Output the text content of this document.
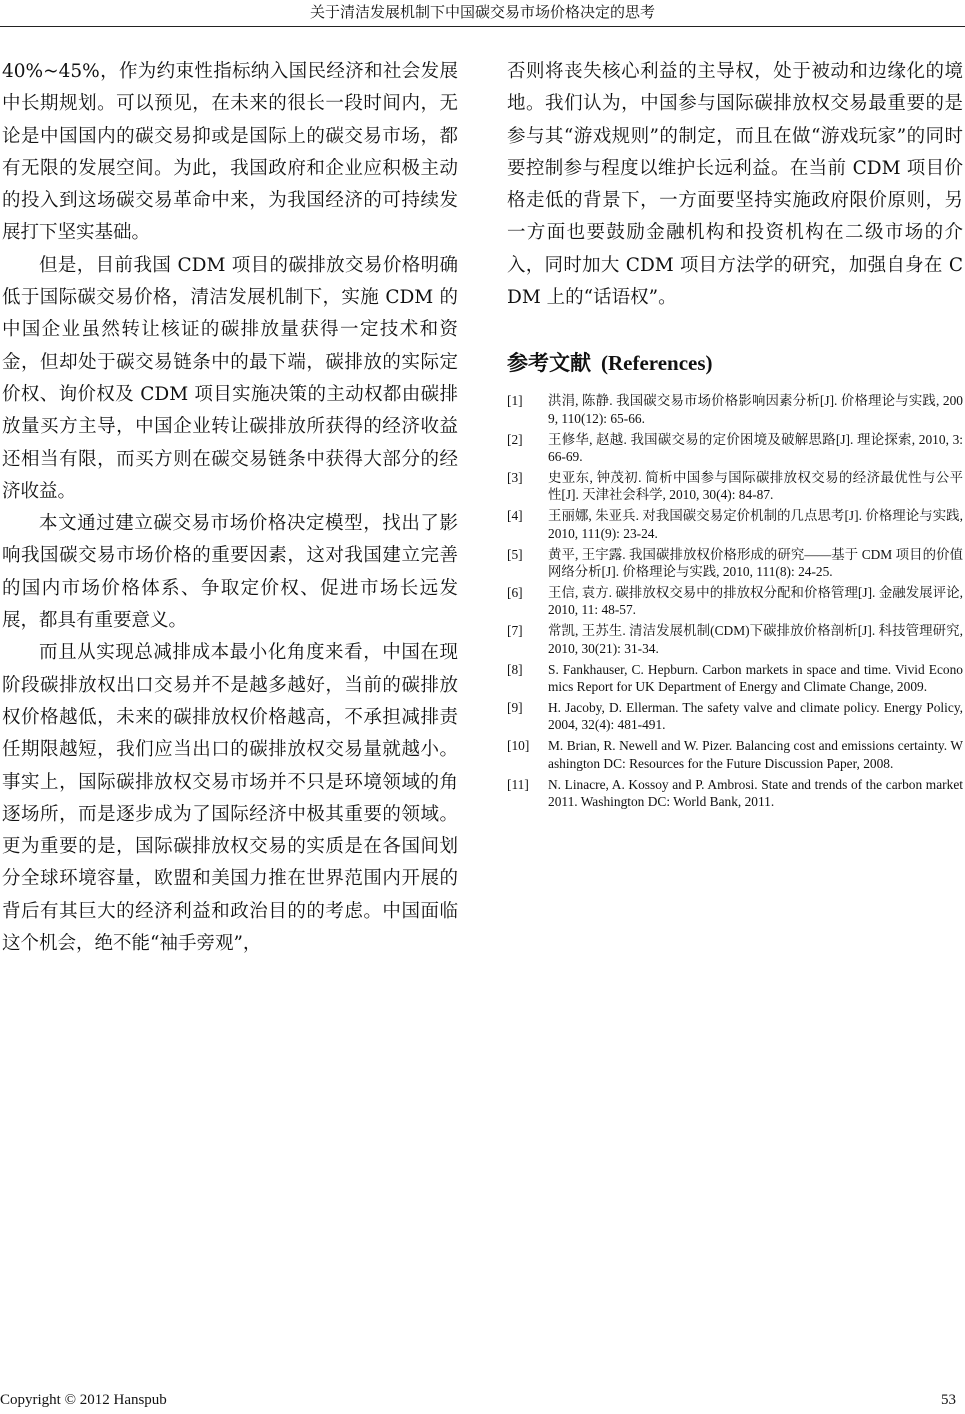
关于清洁发展机制下中国碳交易市场价格决定的思考

40%~45%，作为约束性指标纳入国民经济和社会发展中长期规划。可以预见，在未来的很长一段时间内，无论是中国国内的碳交易抑或是国际上的碳交易市场，都有无限的发展空间。为此，我国政府和企业应积极主动的投入到这场碳交易革命中来，为我国经济的可持续发展打下坚实基础。

但是，目前我国 CDM 项目的碳排放交易价格明确低于国际碳交易价格，清洁发展机制下，实施 CDM 的中国企业虽然转让核证的碳排放量获得一定技术和资金，但却处于碳交易链条中的最下端，碳排放的实际定价权、询价权及 CDM 项目实施决策的主动权都由碳排放量买方主导，中国企业转让碳排放所获得的经济收益还相当有限，而买方则在碳交易链条中获得大部分的经济收益。

本文通过建立碳交易市场价格决定模型，找出了影响我国碳交易市场价格的重要因素，这对我国建立完善的国内市场价格体系、争取定价权、促进市场长远发展，都具有重要意义。

而且从实现总减排成本最小化角度来看，中国在现阶段碳排放权出口交易并不是越多越好，当前的碳排放权价格越低，未来的碳排放权价格越高，不承担减排责任期限越短，我们应当出口的碳排放权交易量就越小。事实上，国际碳排放权交易市场并不只是环境领域的角逐场所，而是逐步成为了国际经济中极其重要的领域。更为重要的是，国际碳排放权交易的实质是在各国间划分全球环境容量，欧盟和美国力推在世界范围内开展的背后有其巨大的经济利益和政治目的的考虑。中国面临这个机会，绝不能“袖手旁观”，

否则将丧失核心利益的主导权，处于被动和边缘化的境地。我们认为，中国参与国际碳排放权交易最重要的是参与其“游戏规则”的制定，而且在做“游戏玩家”的同时要控制参与程度以维护长远利益。在当前 CDM 项目价格走低的背景下，一方面要坚持实施政府限价原则，另一方面也要鼓励金融机构和投资机构在二级市场的介入，同时加大 CDM 项目方法学的研究，加强自身在 CDM 上的“话语权”。

参考文献 (References)
[1]	洪涓, 陈静. 我国碳交易市场价格影响因素分析[J]. 价格理论与实践, 2009, 110(12): 65-66.
[2]	王修华, 赵越. 我国碳交易的定价困境及破解思路[J]. 理论探索, 2010, 3: 66-69.
[3]	史亚东, 钟茂初. 简析中国参与国际碳排放权交易的经济最优性与公平性[J]. 天津社会科学, 2010, 30(4): 84-87.
[4]	王丽娜, 朱亚兵. 对我国碳交易定价机制的几点思考[J]. 价格理论与实践, 2010, 111(9): 23-24.
[5]	黄平, 王宇露. 我国碳排放权价格形成的研究——基于 CDM 项目的价值网络分析[J]. 价格理论与实践, 2010, 111(8): 24-25.
[6]	王信, 袁方. 碳排放权交易中的排放权分配和价格管理[J]. 金融发展评论, 2010, 11: 48-57.
[7]	常凯, 王苏生. 清洁发展机制(CDM)下碳排放价格剖析[J]. 科技管理研究, 2010, 30(21): 31-34.
[8]	S. Fankhauser, C. Hepburn. Carbon markets in space and time. Vivid Economics Report for UK Department of Energy and Climate Change, 2009.
[9]	H. Jacoby, D. Ellerman. The safety valve and climate policy. Energy Policy, 2004, 32(4): 481-491.
[10]	M. Brian, R. Newell and W. Pizer. Balancing cost and emissions certainty. Washington DC: Resources for the Future Discussion Paper, 2008.
[11]	N. Linacre, A. Kossoy and P. Ambrosi. State and trends of the carbon market 2011. Washington DC: World Bank, 2011.
Copyright © 2012 Hanspub	53
